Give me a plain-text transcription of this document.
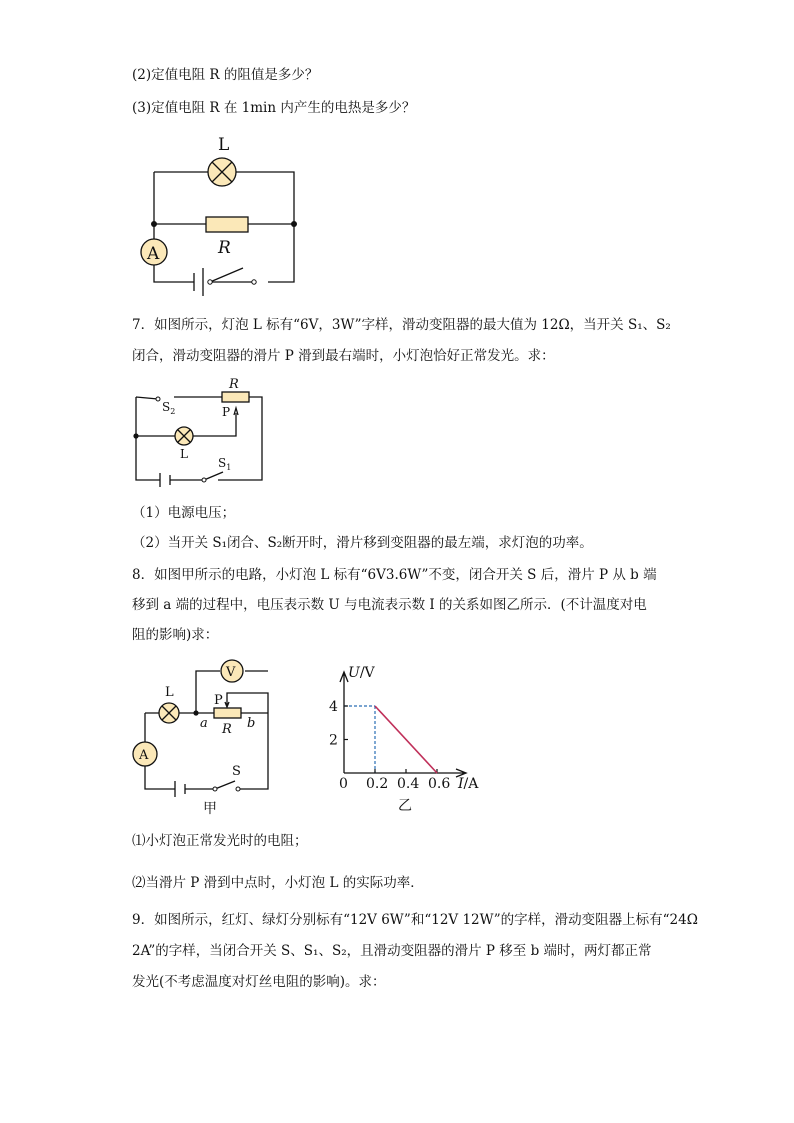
(2)定值电阻 R 的阻值是多少？
(3)定值电阻 R 在 1min 内产生的电热是多少？
L
R
A
7．如图所示，灯泡 L 标有“6V，3W”字样，滑动变阻器的最大值为 12Ω，当开关 S₁、S₂
闭合，滑动变阻器的滑片 P 滑到最右端时，小灯泡恰好正常发光。求：
R
P
$S_2$
L
$S_1$
（1）电源电压；
（2）当开关 S₁闭合、S₂断开时，滑片移到变阻器的最左端，求灯泡的功率。
8．如图甲所示的电路，小灯泡 L 标有“6V3.6W”不变，闭合开关 S 后，滑片 P 从 b 端
移到 a 端的过程中，电压表示数 U 与电流表示数 I 的关系如图乙所示．(不计温度对电
阻的影响)求：
V
L
a	b
P
R
A
S
甲
U/V
I/A
0 0.2 0.4 0.6
2
4
乙
⑴小灯泡正常发光时的电阻；
⑵当滑片 P 滑到中点时，小灯泡 L 的实际功率．
9．如图所示，红灯、绿灯分别标有“12V 6W”和“12V 12W”的字样，滑动变阻器上标有“24Ω
2A”的字样，当闭合开关 S、S₁、S₂，且滑动变阻器的滑片 P 移至 b 端时，两灯都正常
发光(不考虑温度对灯丝电阻的影响)。求：
